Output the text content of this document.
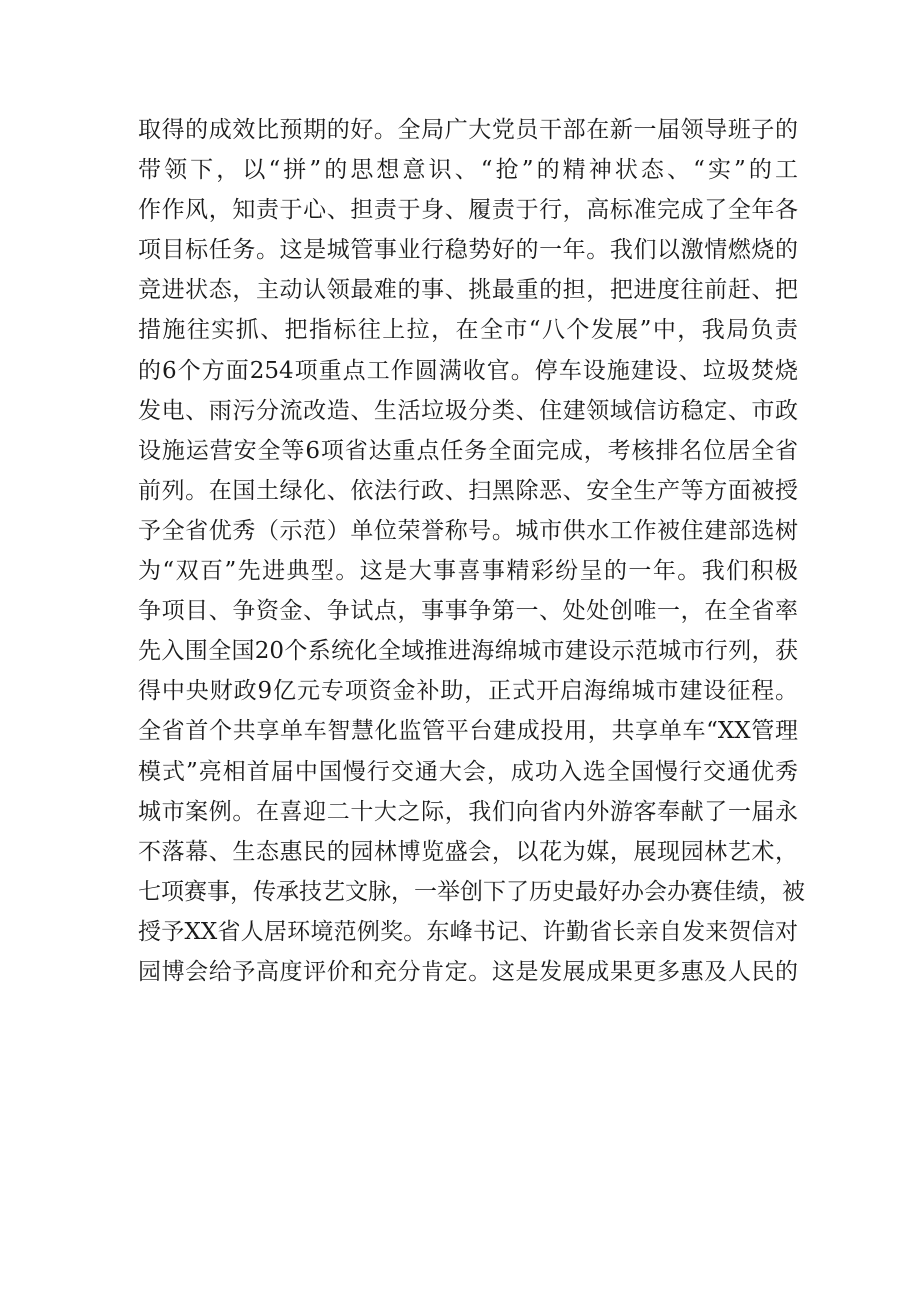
取得的成效比预期的好。全局广大党员干部在新一届领导班子的
带领下，以“拼”的思想意识、“抢”的精神状态、“实”的工
作作风，知责于心、担责于身、履责于行，高标准完成了全年各
项目标任务。这是城管事业行稳势好的一年。我们以激情燃烧的
竞进状态，主动认领最难的事、挑最重的担，把进度往前赶、把
措施往实抓、把指标往上拉，在全市“八个发展”中，我局负责
的6个方面254项重点工作圆满收官。停车设施建设、垃圾焚烧
发电、雨污分流改造、生活垃圾分类、住建领域信访稳定、市政
设施运营安全等6项省达重点任务全面完成，考核排名位居全省
前列。在国土绿化、依法行政、扫黑除恶、安全生产等方面被授
予全省优秀（示范）单位荣誉称号。城市供水工作被住建部选树
为“双百”先进典型。这是大事喜事精彩纷呈的一年。我们积极
争项目、争资金、争试点，事事争第一、处处创唯一，在全省率
先入围全国20个系统化全域推进海绵城市建设示范城市行列，获
得中央财政9亿元专项资金补助，正式开启海绵城市建设征程。
全省首个共享单车智慧化监管平台建成投用，共享单车“XX管理
模式”亮相首届中国慢行交通大会，成功入选全国慢行交通优秀
城市案例。在喜迎二十大之际，我们向省内外游客奉献了一届永
不落幕、生态惠民的园林博览盛会，以花为媒，展现园林艺术，
七项赛事，传承技艺文脉，一举创下了历史最好办会办赛佳绩，被
授予XX省人居环境范例奖。东峰书记、许勤省长亲自发来贺信对
园博会给予高度评价和充分肯定。这是发展成果更多惠及人民的
